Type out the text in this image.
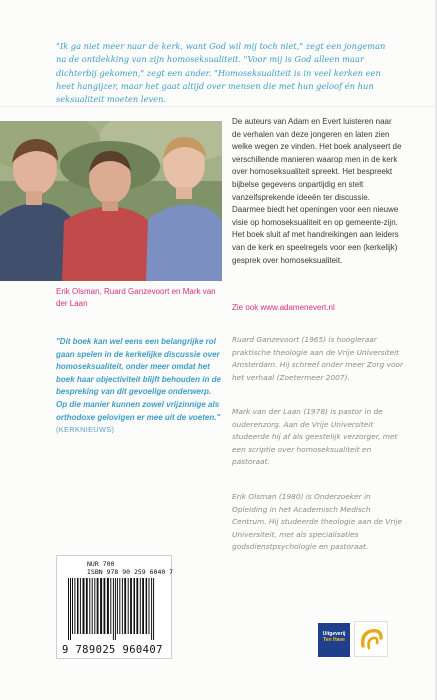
"Ik ga niet meer naar de kerk, want God wil mij toch niet," zegt een jongeman na de ontdekking van zijn homoseksualiteit. "Voor mij is God alleen maar dichterbij gekomen," zegt een ander. "Homoseksualiteit is in veel kerken een heet hangijzer, maar het gaat altijd over mensen die met hun geloof én hun seksualiteit moeten leven.
Erik Olsman, Ruard Ganzevoort en Mark van der Laan
De auteurs van Adam en Evert luisteren naar de verhalen van deze jongeren en laten zien welke wegen ze vinden. Het boek analyseert de verschillende manieren waarop men in de kerk over homoseksualiteit spreekt. Het bespreekt bijbelse gegevens onpartijdig en stelt vanzelfsprekende ideeën ter discussie. Daarmee biedt het openingen voor een nieuwe visie op homoseksualiteit en op gemeente-zijn. Het boek sluit af met handreikingen aan leiders van de kerk en speelregels voor een (kerkelijk) gesprek over homoseksualiteit.
Zie ook www.adamenevert.nl
"Dit boek kan wel eens een belangrijke rol gaan spelen in de kerkelijke discussie over homoseksualiteit, onder meer omdat het boek haar objectiviteit blijft behouden in de bespreking van dit gevoelige onderwerp. Op die manier kunnen zowel vrijzinnige als orthodoxe gelovigen er mee uit de voeten."
(KERKNIEUWS)
Ruard Ganzevoort (1965) is hoogleraar praktische theologie aan de Vrije Universiteit Amsterdam. Hij schreef onder meer Zorg voor het verhaal (Zoetermeer 2007).
Mark van der Laan (1978) is pastor in de ouderenzorg. Aan de Vrije Universiteit studeerde hij af als geestelijk verzorger, met een scriptie over homoseksualiteit en pastoraat.
Erik Olsman (1980) is Onderzoeker in Opleiding in het Academisch Medisch Centrum. Hij studeerde theologie aan de Vrije Universiteit, met als specialisaties godsdienstpsychologie en pastoraat.
NUR 700
ISBN 978 90 259 6040 7
9 789025 960407
Uitgeverij
Ten Have
